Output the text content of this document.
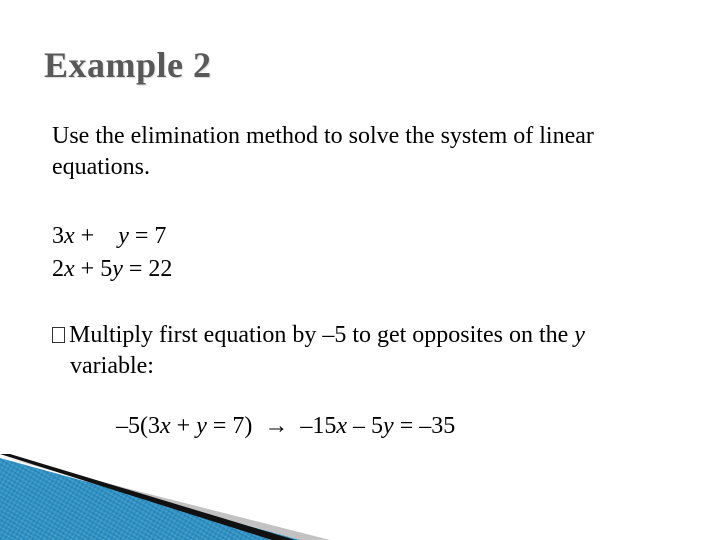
Example 2
Use the elimination method to solve the system of linear
equations.
3x +    y = 7
2x + 5y = 22
Multiply first equation by –5 to get opposites on the y
variable:
–5(3x + y = 7)  →  –15x – 5y = –35
